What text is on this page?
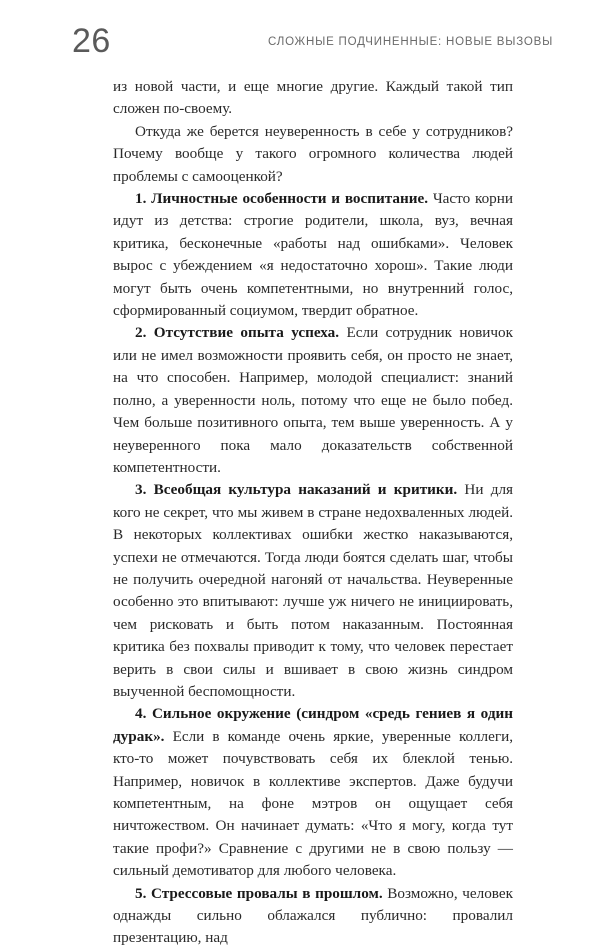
26	СЛОЖНЫЕ ПОДЧИНЕННЫЕ: НОВЫЕ ВЫЗОВЫ

из новой части, и еще многие другие. Каждый такой тип сложен по-своему.

Откуда же берется неуверенность в себе у сотрудников? Почему вообще у такого огромного количества людей проблемы с самооценкой?

1. Личностные особенности и воспитание. Часто корни идут из детства: строгие родители, школа, вуз, вечная критика, бесконечные «работы над ошибками». Человек вырос с убеждением «я недостаточно хорош». Такие люди могут быть очень компетентными, но внутренний голос, сформированный социумом, твердит обратное.

2. Отсутствие опыта успеха. Если сотрудник новичок или не имел возможности проявить себя, он просто не знает, на что способен. Например, молодой специалист: знаний полно, а уверенности ноль, потому что еще не было побед. Чем больше позитивного опыта, тем выше уверенность. А у неуверенного пока мало доказательств собственной компетентности.

3. Всеобщая культура наказаний и критики. Ни для кого не секрет, что мы живем в стране недохваленных людей. В некоторых коллективах ошибки жестко наказываются, успехи не отмечаются. Тогда люди боятся сделать шаг, чтобы не получить очередной нагоняй от начальства. Неуверенные особенно это впитывают: лучше уж ничего не инициировать, чем рисковать и быть потом наказанным. Постоянная критика без похвалы приводит к тому, что человек перестает верить в свои силы и вшивает в свою жизнь синдром выученной беспомощности.

4. Сильное окружение (синдром «средь гениев я один дурак». Если в команде очень яркие, уверенные коллеги, кто-то может почувствовать себя их блеклой тенью. Например, новичок в коллективе экспертов. Даже будучи компетентным, на фоне мэтров он ощущает себя ничтожеством. Он начинает думать: «Что я могу, когда тут такие профи?» Сравнение с другими не в свою пользу — сильный демотиватор для любого человека.

5. Стрессовые провалы в прошлом. Возможно, человек однажды сильно облажался публично: провалил презентацию, над
